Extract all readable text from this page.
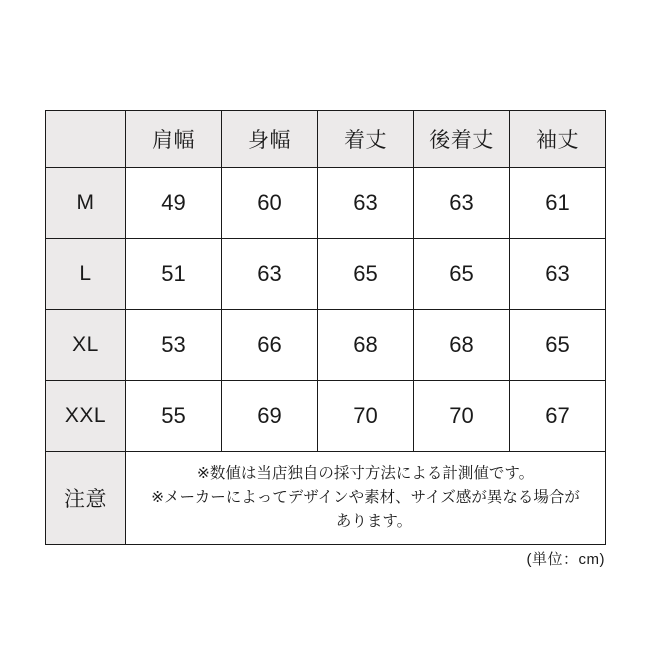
	肩幅	身幅	着丈	後着丈	袖丈
M	49	60	63	63	61
L	51	63	65	65	63
XL	53	66	68	68	65
XXL	55	69	70	70	67
注意	※数値は当店独自の採寸方法による計測値です。
※メーカーによってデザインや素材、サイズ感が異なる場合が
あります。				
(単位：cm)
